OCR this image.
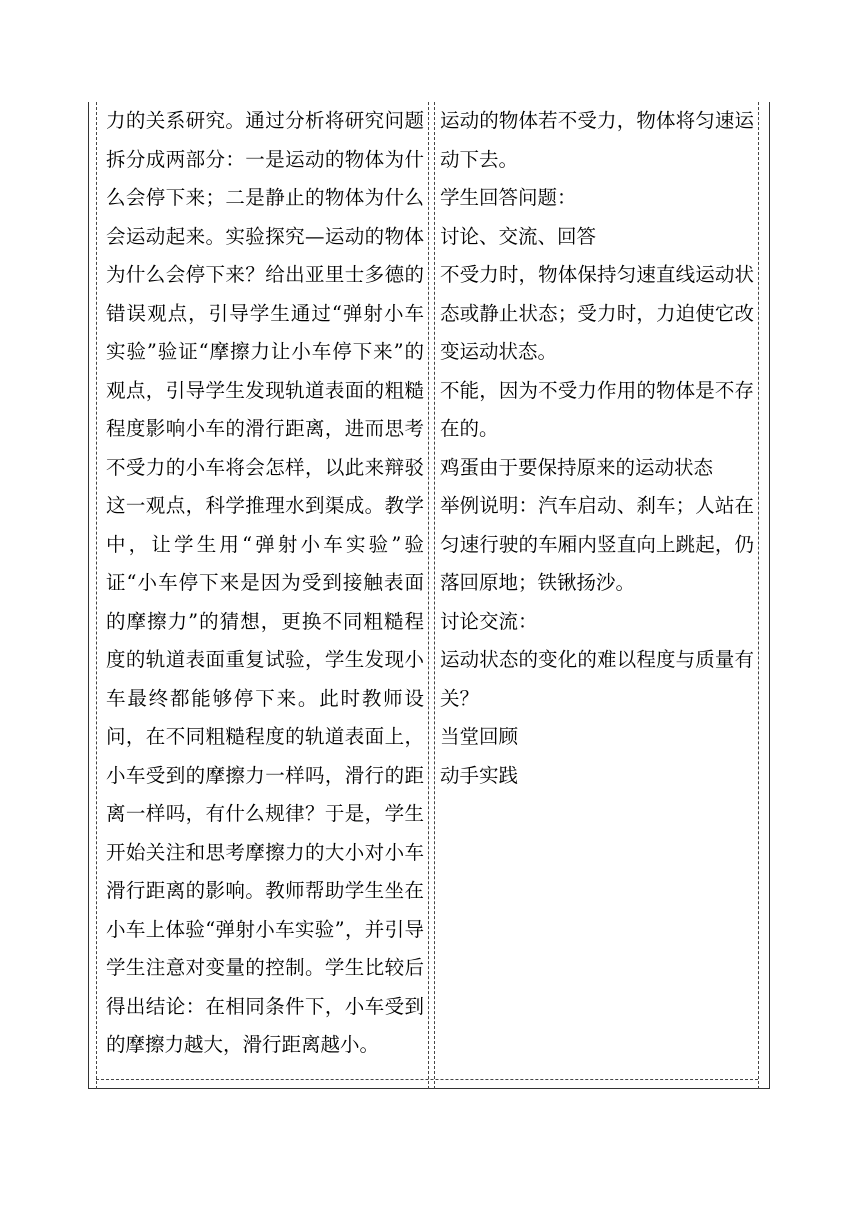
力的关系研究。通过分析将研究问题拆分成两部分：一是运动的物体为什么会停下来；二是静止的物体为什么会运动起来。实验探究—运动的物体为什么会停下来？给出亚里士多德的错误观点，引导学生通过“弹射小车实验”验证“摩擦力让小车停下来”的观点，引导学生发现轨道表面的粗糙程度影响小车的滑行距离，进而思考不受力的小车将会怎样，以此来辩驳这一观点，科学推理水到渠成。教学中，让学生用“弹射小车实验”验证“小车停下来是因为受到接触表面的摩擦力”的猜想，更换不同粗糙程度的轨道表面重复试验，学生发现小车最终都能够停下来。此时教师设问，在不同粗糙程度的轨道表面上，小车受到的摩擦力一样吗，滑行的距离一样吗，有什么规律？于是，学生开始关注和思考摩擦力的大小对小车滑行距离的影响。教师帮助学生坐在小车上体验“弹射小车实验”，并引导学生注意对变量的控制。学生比较后得出结论：在相同条件下，小车受到的摩擦力越大，滑行距离越小。

运动的物体若不受力，物体将匀速运动下去。

学生回答问题：

讨论、交流、回答

不受力时，物体保持匀速直线运动状态或静止状态；受力时，力迫使它改变运动状态。

不能，因为不受力作用的物体是不存在的。

鸡蛋由于要保持原来的运动状态

举例说明：汽车启动、刹车；人站在匀速行驶的车厢内竖直向上跳起，仍落回原地；铁锹扬沙。

讨论交流：

运动状态的变化的难以程度与质量有关？

当堂回顾

动手实践
